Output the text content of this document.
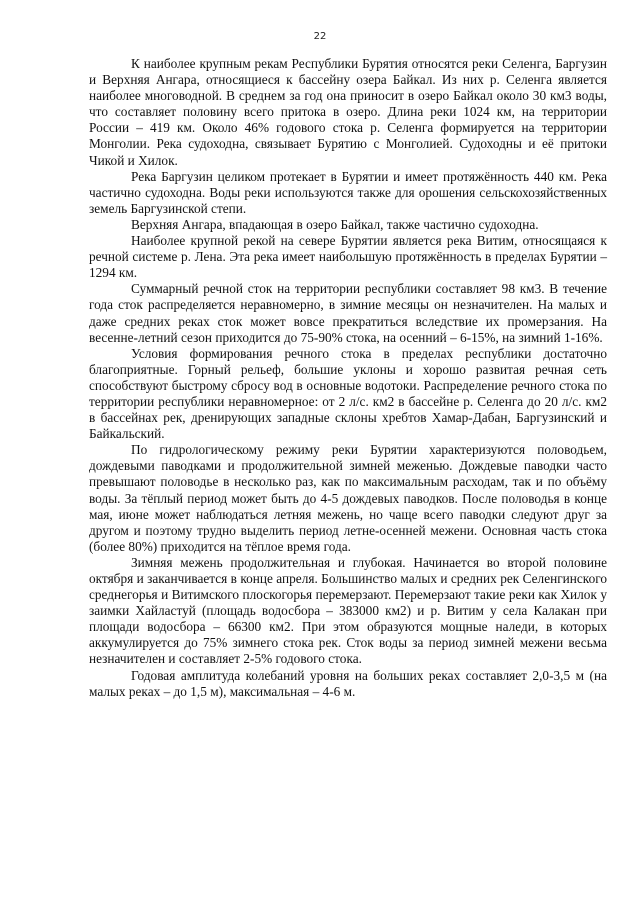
22

К наиболее крупным рекам Республики Бурятия относятся реки Селенга, Баргузин и Верхняя Ангара, относящиеся к бассейну озера Байкал. Из них р. Селенга является наиболее многоводной. В среднем за год она приносит в озеро Байкал около 30 км3 воды, что составляет половину всего притока в озеро. Длина реки 1024 км, на территории России – 419 км. Около 46% годового стока р. Селенга формируется на территории Монголии. Река судоходна, связывает Бурятию с Монголией. Судоходны и её притоки Чикой и Хилок.

Река Баргузин целиком протекает в Бурятии и имеет протяжённость 440 км. Река частично судоходна. Воды реки используются также для орошения сельскохозяйственных земель Баргузинской степи.

Верхняя Ангара, впадающая в озеро Байкал, также частично судоходна.

Наиболее крупной рекой на севере Бурятии является река Витим, относящаяся к речной системе р. Лена. Эта река имеет наибольшую протяжённость в пределах Бурятии – 1294 км.

Суммарный речной сток на территории республики составляет 98 км3. В течение года сток распределяется неравномерно, в зимние месяцы он незначителен. На малых и даже средних реках сток может вовсе прекратиться вследствие их промерзания. На весенне-летний сезон приходится до 75-90% стока, на осенний – 6-15%, на зимний 1-16%.

Условия формирования речного стока в пределах республики достаточно благоприятные. Горный рельеф, большие уклоны и хорошо развитая речная сеть способствуют быстрому сбросу вод в основные водотоки. Распределение речного стока по территории республики неравномерное: от 2 л/с. км2 в бассейне р. Селенга до 20 л/с. км2 в бассейнах рек, дренирующих западные склоны хребтов Хамар-Дабан, Баргузинский и Байкальский.

По гидрологическому режиму реки Бурятии характеризуются половодьем, дождевыми паводками и продолжительной зимней меженью. Дождевые паводки часто превышают половодье в несколько раз, как по максимальным расходам, так и по объёму воды. За тёплый период может быть до 4-5 дождевых паводков. После половодья в конце мая, июне может наблюдаться летняя межень, но чаще всего паводки следуют друг за другом и поэтому трудно выделить период летне-осенней межени. Основная часть стока (более 80%) приходится на тёплое время года.

Зимняя межень продолжительная и глубокая. Начинается во второй половине октября и заканчивается в конце апреля. Большинство малых и средних рек Селенгинского среднегорья и Витимского плоскогорья перемерзают. Перемерзают такие реки как Хилок у заимки Хайластуй (площадь водосбора – 383000 км2) и р. Витим у села Калакан при площади водосбора – 66300 км2. При этом образуются мощные наледи, в которых аккумулируется до 75% зимнего стока рек. Сток воды за период зимней межени весьма незначителен и составляет 2-5% годового стока.

Годовая амплитуда колебаний уровня на больших реках составляет 2,0-3,5 м (на малых реках – до 1,5 м), максимальная – 4-6 м.
